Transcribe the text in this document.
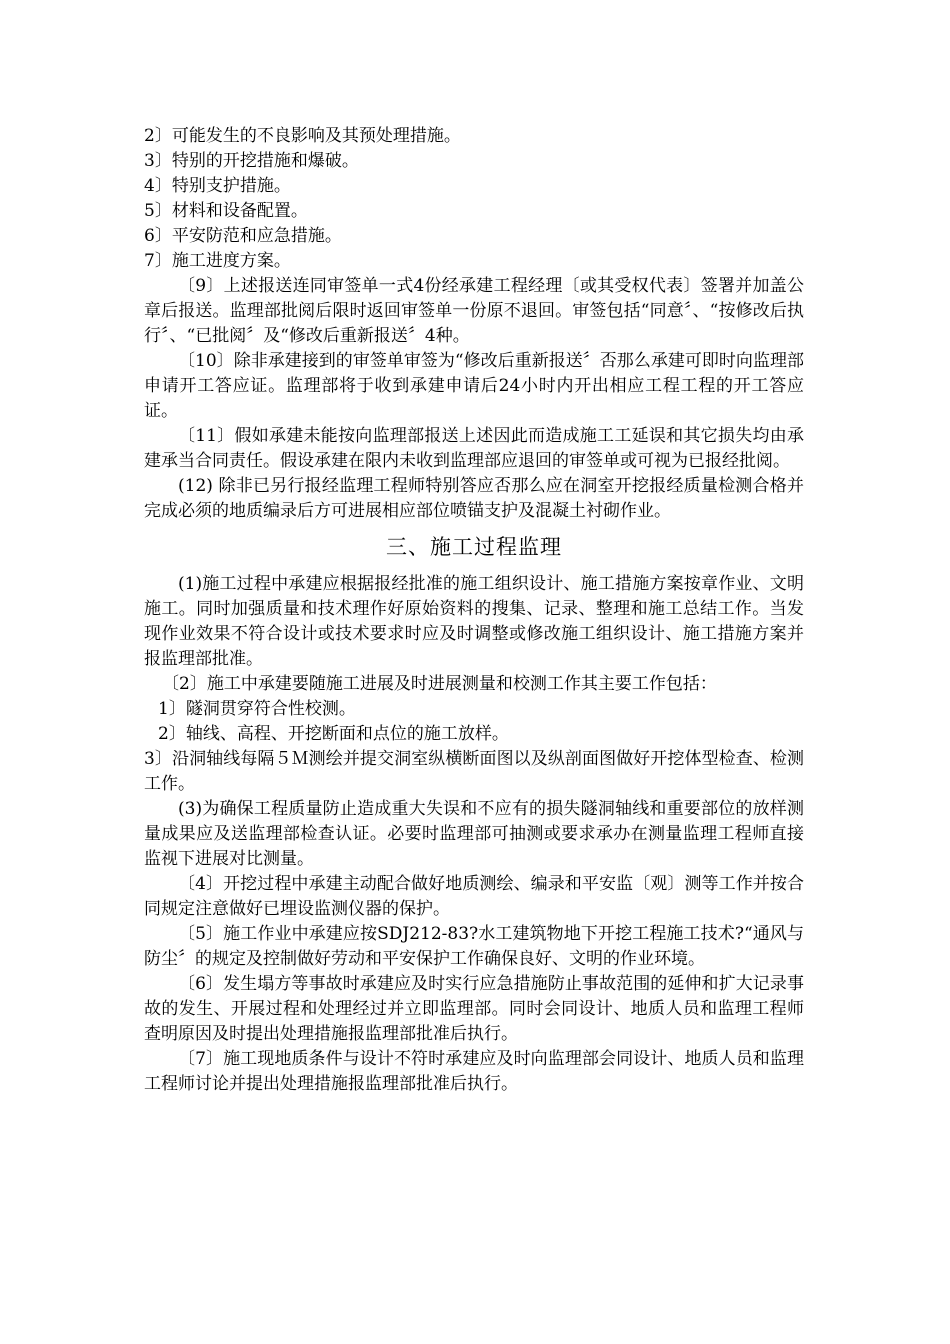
2〕可能发生的不良影响及其预处理措施。

3〕特别的开挖措施和爆破。

4〕特别支护措施。

5〕材料和设备配置。

6〕平安防范和应急措施。

7〕施工进度方案。

〔9〕上述报送连同审签单一式4份经承建工程经理〔或其受权代表〕签署并加盖公章后报送。监理部批阅后限时返回审签单一份原不退回。审签包括“同意〞、“按修改后执行〞、“已批阅〞及“修改后重新报送〞4种。

〔10〕除非承建接到的审签单审签为“修改后重新报送〞否那么承建可即时向监理部申请开工答应证。监理部将于收到承建申请后24小时内开出相应工程工程的开工答应证。

〔11〕假如承建未能按向监理部报送上述因此而造成施工工延误和其它损失均由承建承当合同责任。假设承建在限内未收到监理部应退回的审签单或可视为已报经批阅。

(12) 除非已另行报经监理工程师特别答应否那么应在洞室开挖报经质量检测合格并完成必须的地质编录后方可进展相应部位喷锚支护及混凝土衬砌作业。

三、施工过程监理

(1)施工过程中承建应根据报经批准的施工组织设计、施工措施方案按章作业、文明施工。同时加强质量和技术理作好原始资料的搜集、记录、整理和施工总结工作。当发现作业效果不符合设计或技术要求时应及时调整或修改施工组织设计、施工措施方案并报监理部批准。

〔2〕施工中承建要随施工进展及时进展测量和校测工作其主要工作包括：

1〕隧洞贯穿符合性校测。

2〕轴线、高程、开挖断面和点位的施工放样。

3〕沿洞轴线每隔５Ｍ测绘并提交洞室纵横断面图以及纵剖面图做好开挖体型检查、检测工作。

(3)为确保工程质量防止造成重大失误和不应有的损失隧洞轴线和重要部位的放样测量成果应及送监理部检查认证。必要时监理部可抽测或要求承办在测量监理工程师直接监视下进展对比测量。

〔4〕开挖过程中承建主动配合做好地质测绘、编录和平安监〔观〕测等工作并按合同规定注意做好已埋设监测仪器的保护。

〔5〕施工作业中承建应按SDJ212-83?水工建筑物地下开挖工程施工技术?“通风与防尘〞的规定及控制做好劳动和平安保护工作确保良好、文明的作业环境。

〔6〕发生塌方等事故时承建应及时实行应急措施防止事故范围的延伸和扩大记录事故的发生、开展过程和处理经过并立即监理部。同时会同设计、地质人员和监理工程师查明原因及时提出处理措施报监理部批准后执行。

〔7〕施工现地质条件与设计不符时承建应及时向监理部会同设计、地质人员和监理工程师讨论并提出处理措施报监理部批准后执行。
